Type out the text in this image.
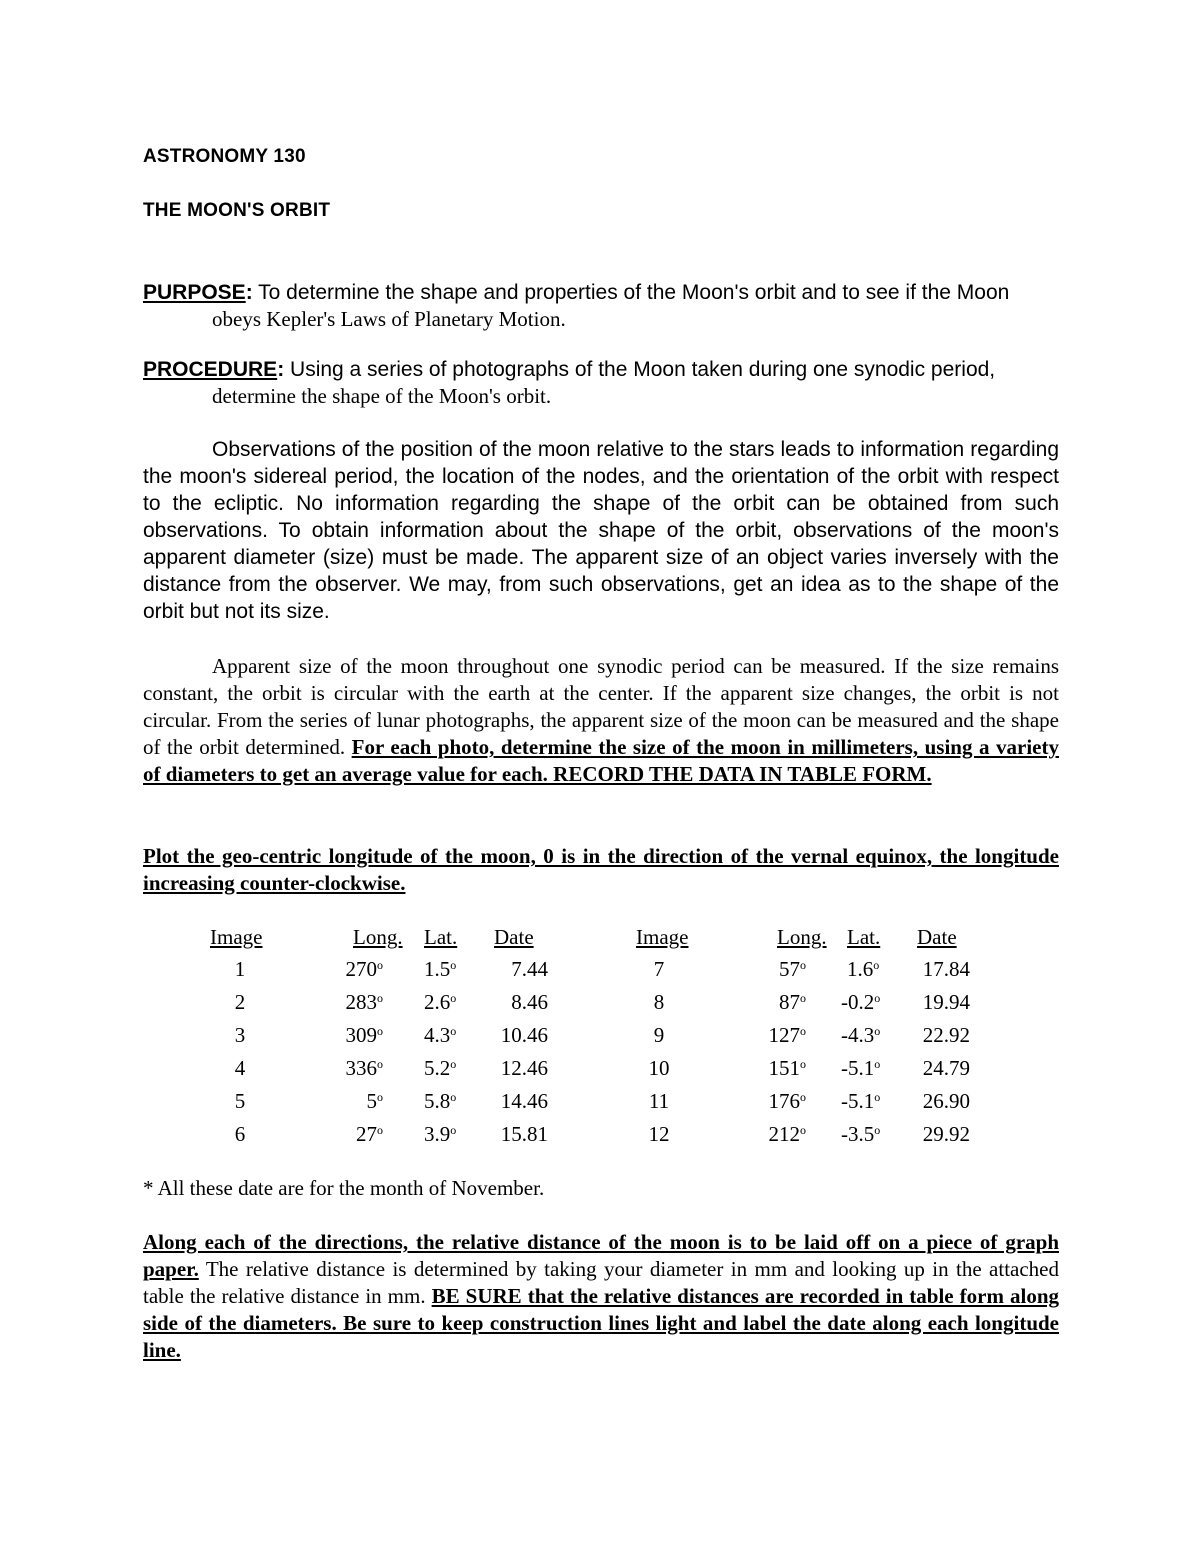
ASTRONOMY 130
THE MOON'S ORBIT
PURPOSE: To determine the shape and properties of the Moon's orbit and to see if the Moon
obeys Kepler's Laws of Planetary Motion.
PROCEDURE: Using a series of photographs of the Moon taken during one synodic period,
determine the shape of the Moon's orbit.

Observations of the position of the moon relative to the stars leads to information regarding the moon's sidereal period, the location of the nodes, and the orientation of the orbit with respect to the ecliptic. No information regarding the shape of the orbit can be obtained from such observations. To obtain information about the shape of the orbit, observations of the moon's apparent diameter (size) must be made. The apparent size of an object varies inversely with the distance from the observer. We may, from such observations, get an idea as to the shape of the orbit but not its size.

Apparent size of the moon throughout one synodic period can be measured. If the size remains constant, the orbit is circular with the earth at the center. If the apparent size changes, the orbit is not circular. From the series of lunar photographs, the apparent size of the moon can be measured and the shape of the orbit determined. For each photo, determine the size of the moon in millimeters, using a variety of diameters to get an average value for each. RECORD THE DATA IN TABLE FORM.

Plot the geo-centric longitude of the moon, 0 is in the direction of the vernal equinox, the longitude increasing counter-clockwise.

Image	Long. Lat. Date	Image	Long. Lat. Date
1	270$^o$ 1.5$^o$	7.44
2	283$^o$ 2.6$^o$	8.46
3	309$^o$ 4.3$^o$	10.46
4	336$^o$ 5.2$^o$	12.46
5	5$^o$ 5.8$^o$	14.46
6	27$^o$ 3.9$^o$	15.81
7	57$^o$ 1.6$^o$	17.84
8	87$^o$ -0.2$^o$	19.94
9	127$^o$ -4.3$^o$	22.92
10	151$^o$ -5.1$^o$	24.79
11	176$^o$ -5.1$^o$	26.90
12	212$^o$ -3.5$^o$	29.92
* All these date are for the month of November.

Along each of the directions, the relative distance of the moon is to be laid off on a piece of graph paper. The relative distance is determined by taking your diameter in mm and looking up in the attached table the relative distance in mm. BE SURE that the relative distances are recorded in table form along side of the diameters. Be sure to keep construction lines light and label the date along each longitude line.
